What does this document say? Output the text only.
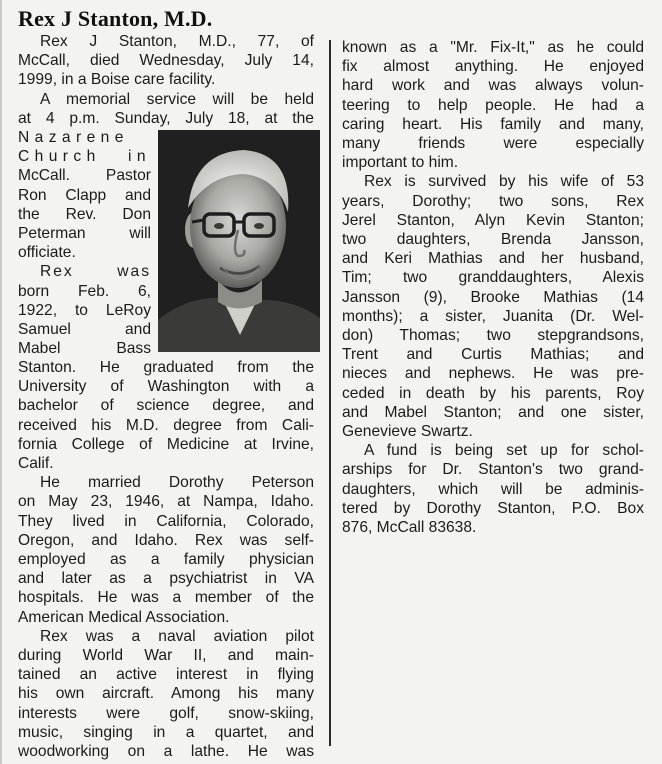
Rex J Stanton, M.D.
Rex J Stanton, M.D., 77, of
McCall, died Wednesday, July 14,
1999, in a Boise care facility.
A memorial service will be held
at 4 p.m. Sunday, July 18, at the
Nazarene
Church in
McCall. Pastor
Ron Clapp and
the Rev. Don
Peterman will
officiate.
Rex was
born Feb. 6,
1922, to LeRoy
Samuel and
Mabel Bass
Stanton. He graduated from the
University of Washington with a
bachelor of science degree, and
received his M.D. degree from Cali-
fornia College of Medicine at Irvine,
Calif.
He married Dorothy Peterson
on May 23, 1946, at Nampa, Idaho.
They lived in California, Colorado,
Oregon, and Idaho. Rex was self-
employed as a family physician
and later as a psychiatrist in VA
hospitals. He was a member of the
American Medical Association.
Rex was a naval aviation pilot
during World War II, and main-
tained an active interest in flying
his own aircraft. Among his many
interests were golf, snow-skiing,
music, singing in a quartet, and
woodworking on a lathe. He was
known as a "Mr. Fix-It," as he could
fix almost anything. He enjoyed
hard work and was always volun-
teering to help people. He had a
caring heart. His family and many,
many friends were especially
important to him.
Rex is survived by his wife of 53
years, Dorothy; two sons, Rex
Jerel Stanton, Alyn Kevin Stanton;
two daughters, Brenda Jansson,
and Keri Mathias and her husband,
Tim; two granddaughters, Alexis
Jansson (9), Brooke Mathias (14
months); a sister, Juanita (Dr. Wel-
don) Thomas; two stepgrandsons,
Trent and Curtis Mathias; and
nieces and nephews. He was pre-
ceded in death by his parents, Roy
and Mabel Stanton; and one sister,
Genevieve Swartz.
A fund is being set up for schol-
arships for Dr. Stanton's two grand-
daughters, which will be adminis-
tered by Dorothy Stanton, P.O. Box
876, McCall 83638.
